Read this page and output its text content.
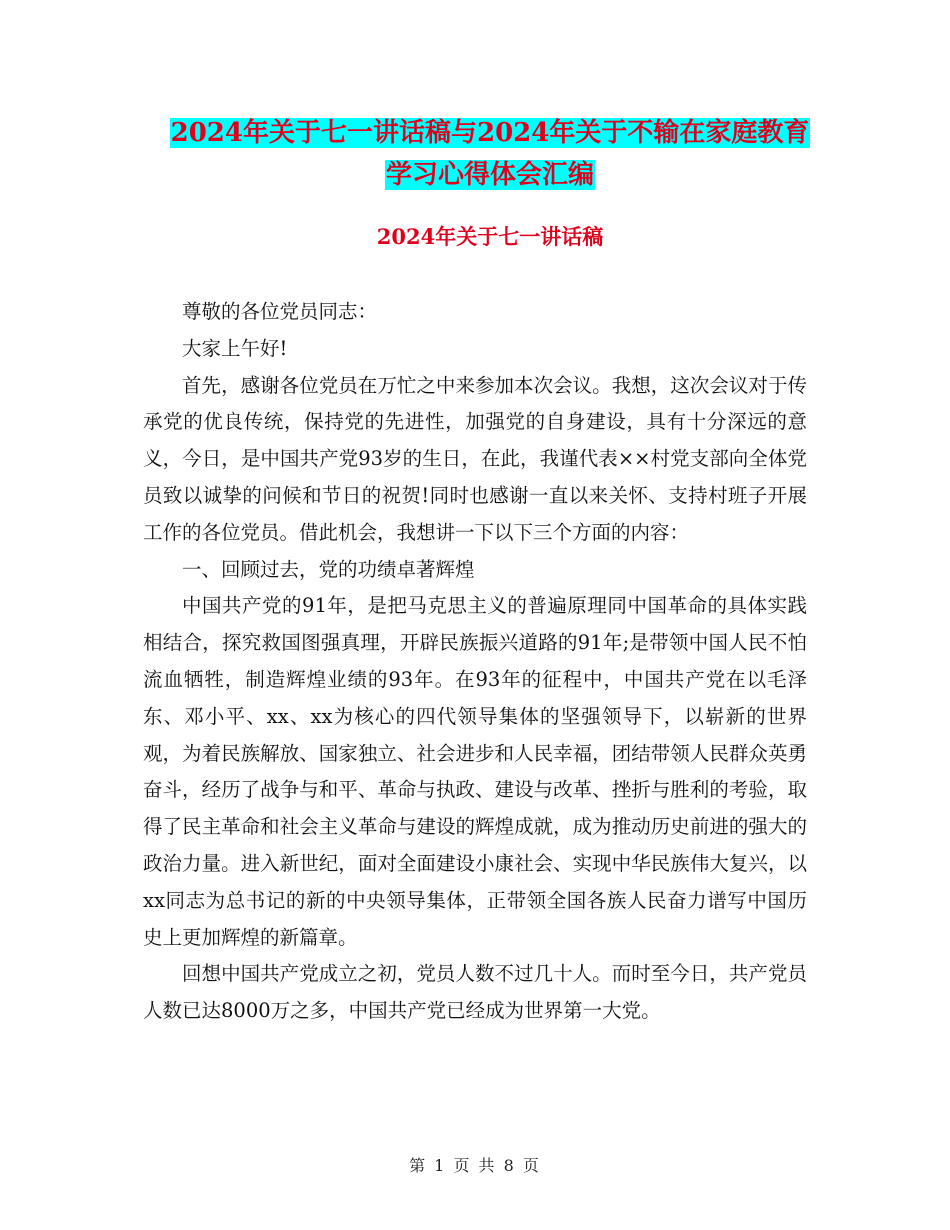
2024年关于七一讲话稿与2024年关于不输在家庭教育
学习心得体会汇编
2024年关于七一讲话稿

尊敬的各位党员同志：

大家上午好!

首先，感谢各位党员在万忙之中来参加本次会议。我想，这次会议对于传承党的优良传统，保持党的先进性，加强党的自身建设，具有十分深远的意义，今日，是中国共产党93岁的生日，在此，我谨代表××村党支部向全体党员致以诚挚的问候和节日的祝贺!同时也感谢一直以来关怀、支持村班子开展工作的各位党员。借此机会，我想讲一下以下三个方面的内容：

一、回顾过去，党的功绩卓著辉煌

中国共产党的91年，是把马克思主义的普遍原理同中国革命的具体实践相结合，探究救国图强真理，开辟民族振兴道路的91年;是带领中国人民不怕流血牺牲，制造辉煌业绩的93年。在93年的征程中，中国共产党在以毛泽东、邓小平、xx、xx为核心的四代领导集体的坚强领导下，以崭新的世界观，为着民族解放、国家独立、社会进步和人民幸福，团结带领人民群众英勇奋斗，经历了战争与和平、革命与执政、建设与改革、挫折与胜利的考验，取得了民主革命和社会主义革命与建设的辉煌成就，成为推动历史前进的强大的政治力量。进入新世纪，面对全面建设小康社会、实现中华民族伟大复兴，以xx同志为总书记的新的中央领导集体，正带领全国各族人民奋力谱写中国历史上更加辉煌的新篇章。

回想中国共产党成立之初，党员人数不过几十人。而时至今日，共产党员人数已达8000万之多，中国共产党已经成为世界第一大党。

第 1 页 共 8 页
